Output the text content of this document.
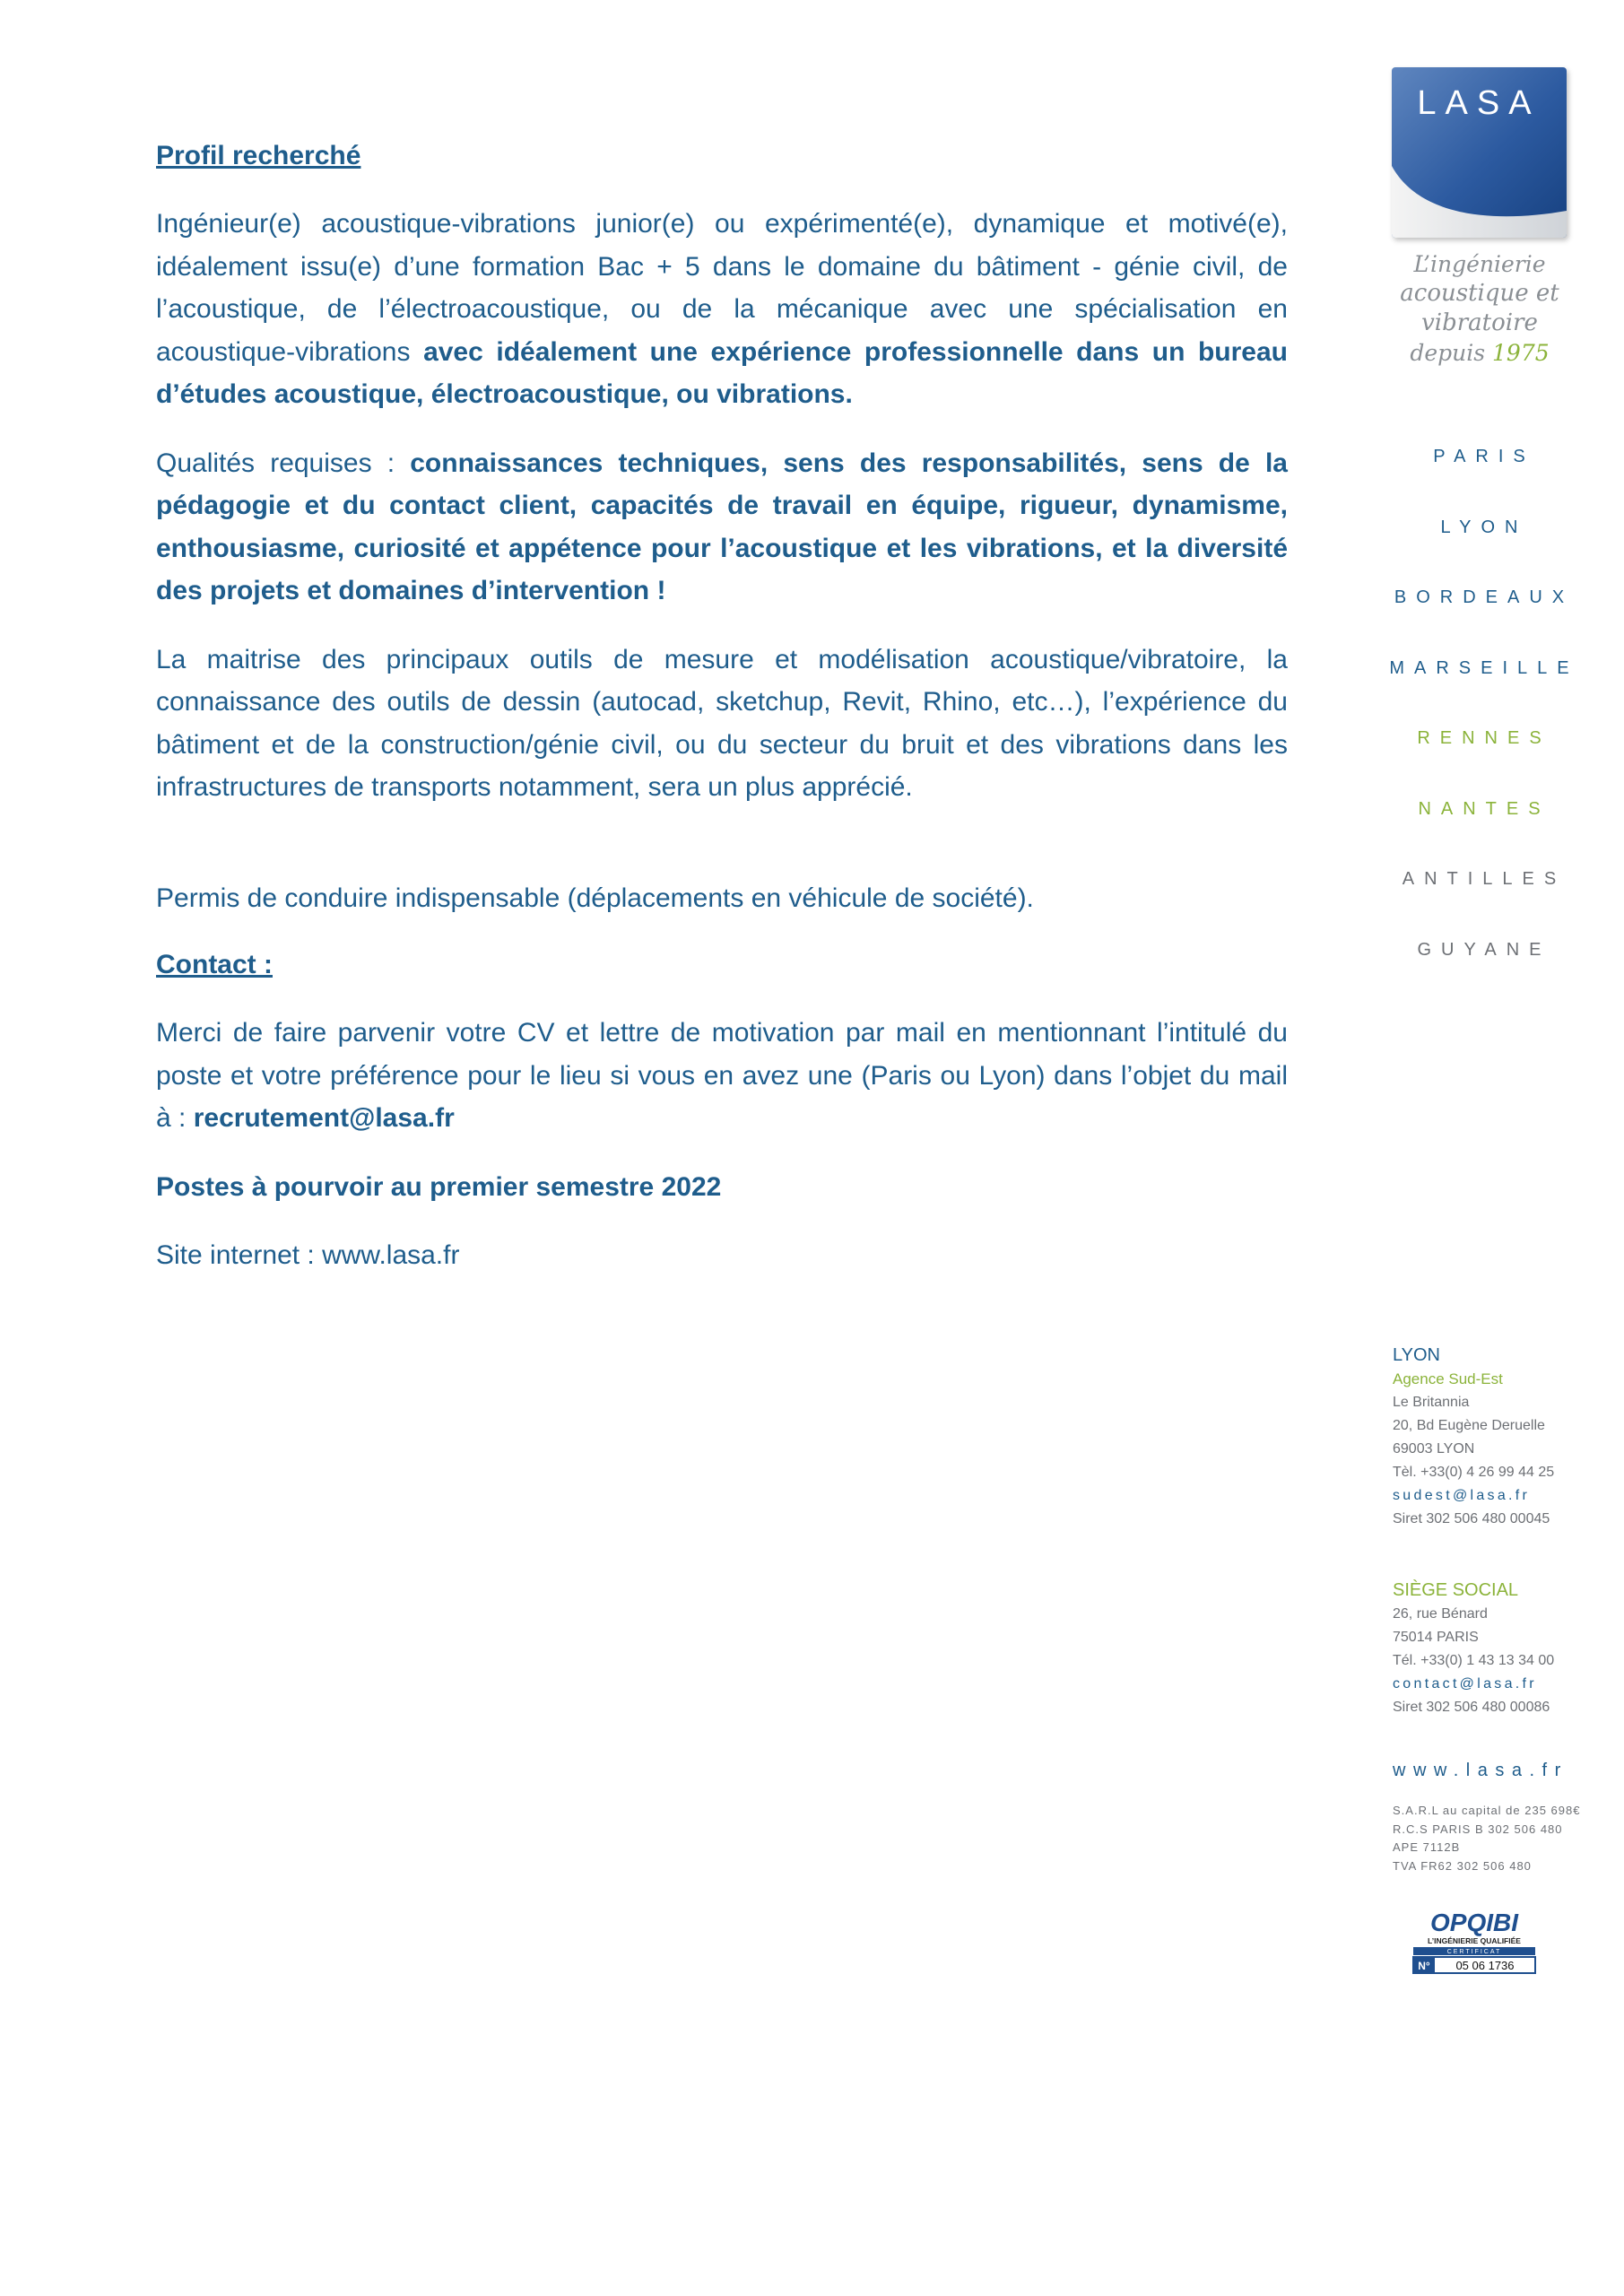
Profil recherché

Ingénieur(e) acoustique-vibrations junior(e) ou expérimenté(e), dynamique et motivé(e), idéalement issu(e) d’une formation Bac + 5 dans le domaine du bâtiment - génie civil, de l’acoustique, de l’électroacoustique, ou de la mécanique avec une spécialisation en acoustique-vibrations avec idéalement une expérience professionnelle dans un bureau d’études acoustique, électroacoustique, ou vibrations.

Qualités requises : connaissances techniques, sens des responsabilités, sens de la pédagogie et du contact client, capacités de travail en équipe, rigueur, dynamisme, enthousiasme, curiosité et appétence pour l’acoustique et les vibrations, et la diversité des projets et domaines d’intervention !

La maitrise des principaux outils de mesure et modélisation acoustique/vibratoire, la connaissance des outils de dessin (autocad, sketchup, Revit, Rhino, etc…), l’expérience du bâtiment et de la construction/génie civil, ou du secteur du bruit et des vibrations dans les infrastructures de transports notamment, sera un plus apprécié.

Permis de conduire indispensable (déplacements en véhicule de société).

Contact :

Merci de faire parvenir votre CV et lettre de motivation par mail en mentionnant l’intitulé du poste et votre préférence pour le lieu si vous en avez une (Paris ou Lyon) dans l’objet du mail à : recrutement@lasa.fr

Postes à pourvoir au premier semestre 2022

Site internet : www.lasa.fr

LASA
L’ingénierie
acoustique et vibratoire
depuis 1975
PARIS
LYON
BORDEAUX
MARSEILLE
RENNES
NANTES
ANTILLES
GUYANE
LYON
Agence Sud-Est
Le Britannia
20, Bd Eugène Deruelle
69003 LYON
Tèl. +33(0) 4 26 99 44 25
sudest@lasa.fr
Siret 302 506 480 00045
SIÈGE SOCIAL
26, rue Bénard
75014 PARIS
Tél. +33(0) 1 43 13 34 00
contact@lasa.fr
Siret 302 506 480 00086
www.lasa.fr
S.A.R.L au capital de 235 698€
R.C.S PARIS B 302 506 480
APE 7112B
TVA FR62 302 506 480
OPQIBI
L’INGÉNIERIE QUALIFIÉE
CERTIFICAT
N° 05 06 1736
